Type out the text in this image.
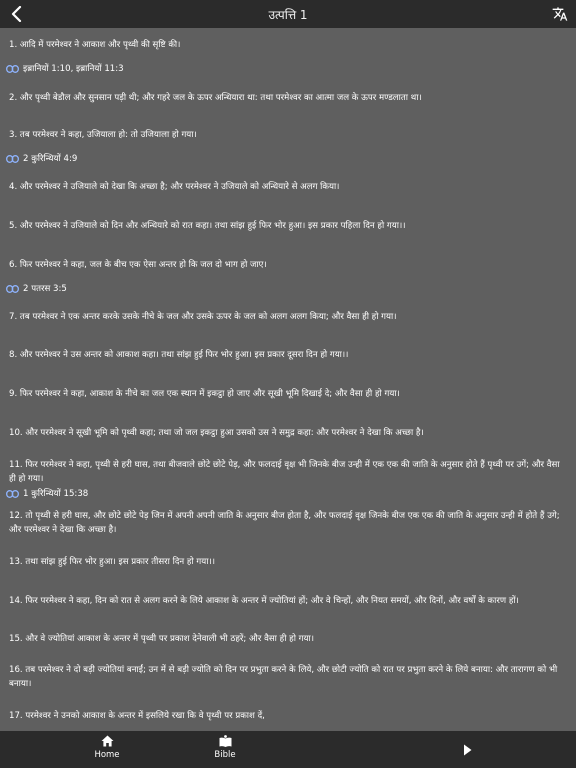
उत्पत्ति 1
1. आदि में परमेश्वर ने आकाश और पृथ्वी की सृष्टि की।
इब्रानियों 1:10, इब्रानियों 11:3
2. और पृथ्वी बेडौल और सुनसान पड़ी थी; और गहरे जल के ऊपर अन्धियारा था: तथा परमेश्वर का आत्मा जल के ऊपर मण्डलाता था।
3. तब परमेश्वर ने कहा, उजियाला हो: तो उजियाला हो गया।
2 कुरिन्थियों 4:9
4. और परमेश्वर ने उजियाले को देखा कि अच्छा है; और परमेश्वर ने उजियाले को अन्धियारे से अलग किया।
5. और परमेश्वर ने उजियाले को दिन और अन्धियारे को रात कहा। तथा सांझ हुई फिर भोर हुआ। इस प्रकार पहिला दिन हो गया।।
6. फिर परमेश्वर ने कहा, जल के बीच एक ऐसा अन्तर हो कि जल दो भाग हो जाए।
2 पतरस 3:5
7. तब परमेश्वर ने एक अन्तर करके उसके नीचे के जल और उसके ऊपर के जल को अलग अलग किया; और वैसा ही हो गया।
8. और परमेश्वर ने उस अन्तर को आकाश कहा। तथा सांझ हुई फिर भोर हुआ। इस प्रकार दूसरा दिन हो गया।।
9. फिर परमेश्वर ने कहा, आकाश के नीचे का जल एक स्थान में इकट्ठा हो जाए और सूखी भूमि दिखाई दे; और वैसा ही हो गया।
10. और परमेश्वर ने सूखी भूमि को पृथ्वी कहा; तथा जो जल इकट्ठा हुआ उसको उस ने समुद्र कहा: और परमेश्वर ने देखा कि अच्छा है।
11. फिर परमेश्वर ने कहा, पृथ्वी से हरी घास, तथा बीजवाले छोटे छोटे पेड़, और फलदाई वृक्ष भी जिनके बीज उन्ही में एक एक की जाति के अनुसार होते हैं पृथ्वी पर उगें; और वैसा ही हो गया।
1 कुरिन्थियों 15:38
12. तो पृथ्वी से हरी घास, और छोटे छोटे पेड़ जिन में अपनी अपनी जाति के अनुसार बीज होता है, और फलदाई वृक्ष जिनके बीज एक एक की जाति के अनुसार उन्ही में होते हैं उगे; और परमेश्वर ने देखा कि अच्छा है।
13. तथा सांझ हुई फिर भोर हुआ। इस प्रकार तीसरा दिन हो गया।।
14. फिर परमेश्वर ने कहा, दिन को रात से अलग करने के लिये आकाश के अन्तर में ज्योतियां हों; और वे चिन्हों, और नियत समयों, और दिनों, और वर्षों के कारण हों।
15. और वे ज्योतियां आकाश के अन्तर में पृथ्वी पर प्रकाश देनेवाली भी ठहरें; और वैसा ही हो गया।
16. तब परमेश्वर ने दो बड़ी ज्योतियां बनाईं; उन में से बड़ी ज्योति को दिन पर प्रभुता करने के लिये, और छोटी ज्योति को रात पर प्रभुता करने के लिये बनाया: और तारागण को भी बनाया।
17. परमेश्वर ने उनको आकाश के अन्तर में इसलिये रखा कि वे पृथ्वी पर प्रकाश दें,
Home	Bible
